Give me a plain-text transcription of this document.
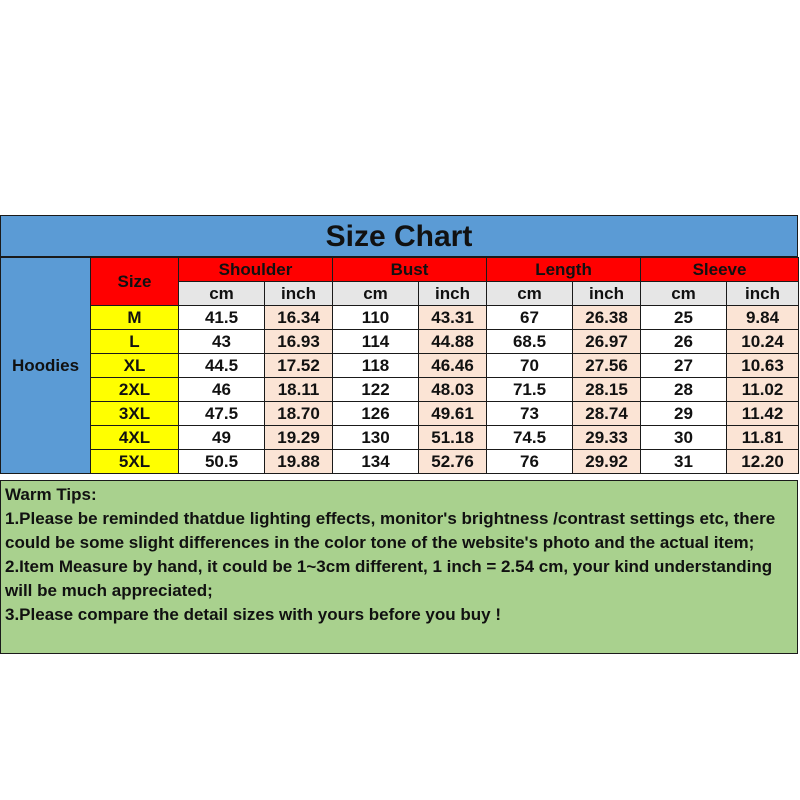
Size Chart
Hoodies	Size	Shoulder		Bust		Length		Sleeve	
		cm	inch	cm	inch	cm	inch	cm	inch
	M	41.5	16.34	110	43.31	67	26.38	25	9.84
	L	43	16.93	114	44.88	68.5	26.97	26	10.24
	XL	44.5	17.52	118	46.46	70	27.56	27	10.63
	2XL	46	18.11	122	48.03	71.5	28.15	28	11.02
	3XL	47.5	18.70	126	49.61	73	28.74	29	11.42
	4XL	49	19.29	130	51.18	74.5	29.33	30	11.81
	5XL	50.5	19.88	134	52.76	76	29.92	31	12.20
Warm Tips:
1.Please be reminded thatdue lighting effects, monitor's brightness /contrast settings etc, there could be some slight differences in the color tone of the website's photo and the actual item;
2.Item Measure by hand, it could be 1~3cm different, 1 inch = 2.54 cm, your kind understanding will be much appreciated;
3.Please compare the detail sizes with yours before you buy !
